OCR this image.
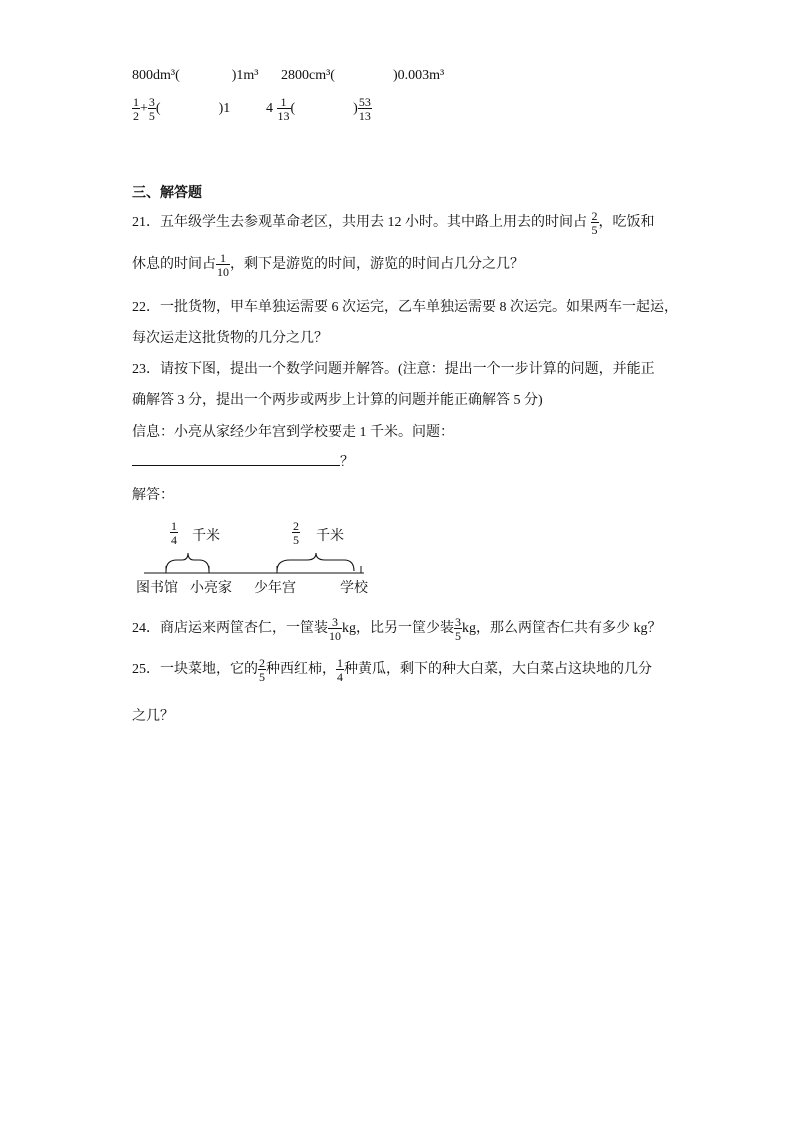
800dm³(	)1m³ 2800cm³(	)0.003m³
$\frac{1}{2} + \frac{3}{5}$ (	)1	$4 \frac{1}{13}$ (	) $\frac{53}{13}$
三、解答题
21．五年级学生去参观革命老区，共用去 12 小时。其中路上用去的时间占 $\frac{2}{5}$ ，吃饭和
休息的时间占 $\frac{1}{10}$ ，剩下是游览的时间，游览的时间占几分之几？
22．一批货物，甲车单独运需要 6 次运完，乙车单独运需要 8 次运完。如果两车一起运，
每次运走这批货物的几分之几？
23．请按下图，提出一个数学问题并解答。(注意：提出一个一步计算的问题，并能正
确解答 3 分，提出一个两步或两步上计算的问题并能正确解答 5 分)
信息：小亮从家经少年宫到学校要走 1 千米。问题：
？
解答：
$\frac{1}{4}$ 千米	$\frac{2}{5}$ 千米
图书馆 小亮家 少年宫	学校
24．商店运来两筐杏仁，一筐装 $\frac{3}{10}$ kg，比另一筐少装 $\frac{3}{5}$ kg，那么两筐杏仁共有多少 kg？
25．一块菜地，它的 $\frac{2}{5}$ 种西红柿， $\frac{1}{4}$ 种黄瓜，剩下的种大白菜，大白菜占这块地的几分
之几？
